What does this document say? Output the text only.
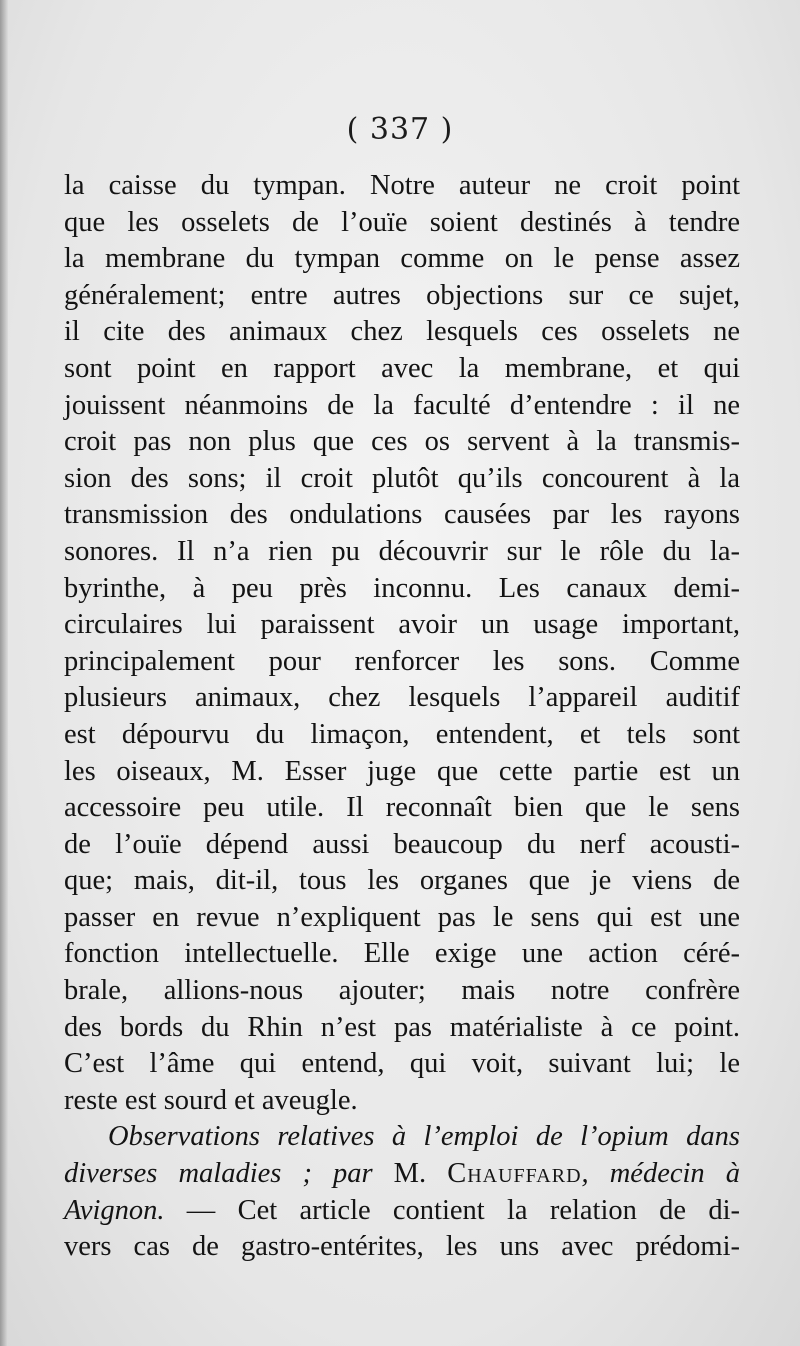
( 337 )
la caisse du tympan. Notre auteur ne croit point
que les osselets de l’ouïe soient destinés à tendre
la membrane du tympan comme on le pense assez
généralement; entre autres objections sur ce sujet,
il cite des animaux chez lesquels ces osselets ne
sont point en rapport avec la membrane, et qui
jouissent néanmoins de la faculté d’entendre : il ne
croit pas non plus que ces os servent à la transmis-
sion des sons; il croit plutôt qu’ils concourent à la
transmission des ondulations causées par les rayons
sonores. Il n’a rien pu découvrir sur le rôle du la-
byrinthe, à peu près inconnu. Les canaux demi-
circulaires lui paraissent avoir un usage important,
principalement pour renforcer les sons. Comme
plusieurs animaux, chez lesquels l’appareil auditif
est dépourvu du limaçon, entendent, et tels sont
les oiseaux, M. Esser juge que cette partie est un
accessoire peu utile. Il reconnaît bien que le sens
de l’ouïe dépend aussi beaucoup du nerf acousti-
que; mais, dit-il, tous les organes que je viens de
passer en revue n’expliquent pas le sens qui est une
fonction intellectuelle. Elle exige une action céré-
brale, allions-nous ajouter; mais notre confrère
des bords du Rhin n’est pas matérialiste à ce point.
C’est l’âme qui entend, qui voit, suivant lui; le
reste est sourd et aveugle.
Observations relatives à l’emploi de l’opium dans
diverses maladies ; par M. Chauffard, médecin à
Avignon. — Cet article contient la relation de di-
vers cas de gastro-entérites, les uns avec prédomi-
